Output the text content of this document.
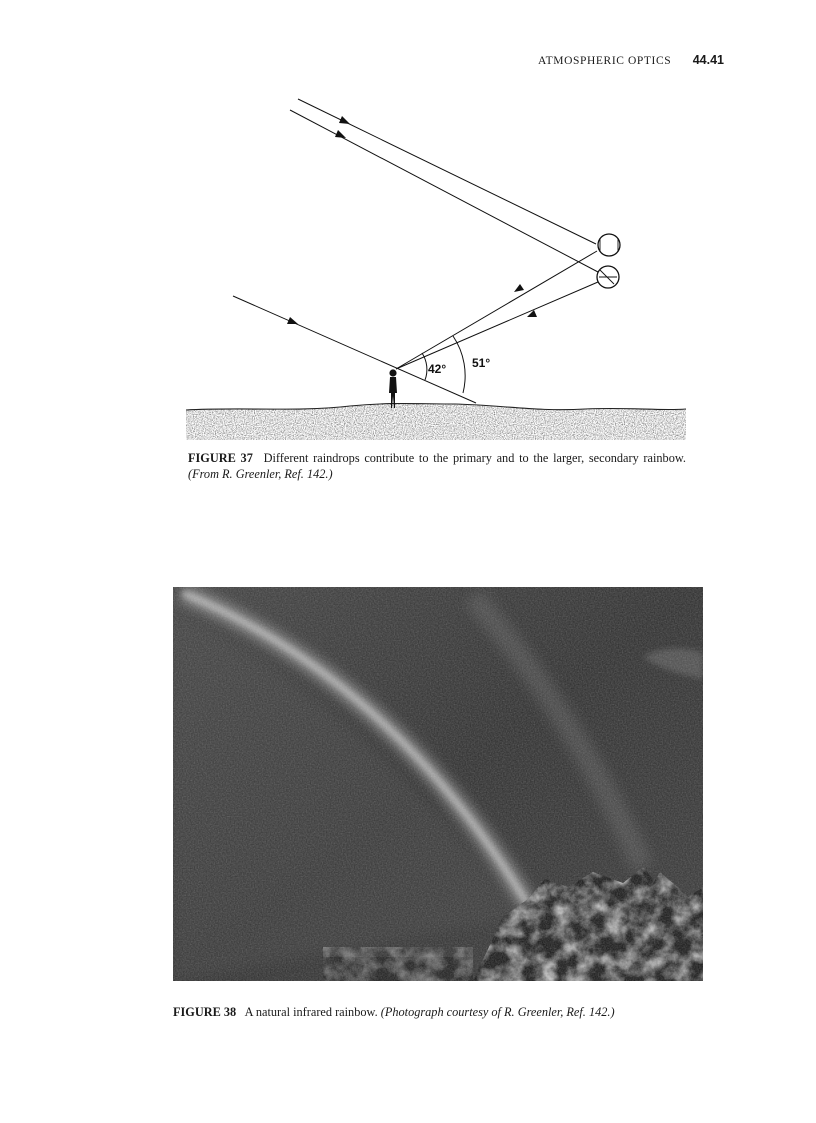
ATMOSPHERIC OPTICS 44.41
42° 51°
FIGURE 37 Different raindrops contribute to the primary and to the larger, secondary rainbow. (From R. Greenler, Ref. 142.)
FIGURE 38 A natural infrared rainbow. (Photograph courtesy of R. Greenler, Ref. 142.)
